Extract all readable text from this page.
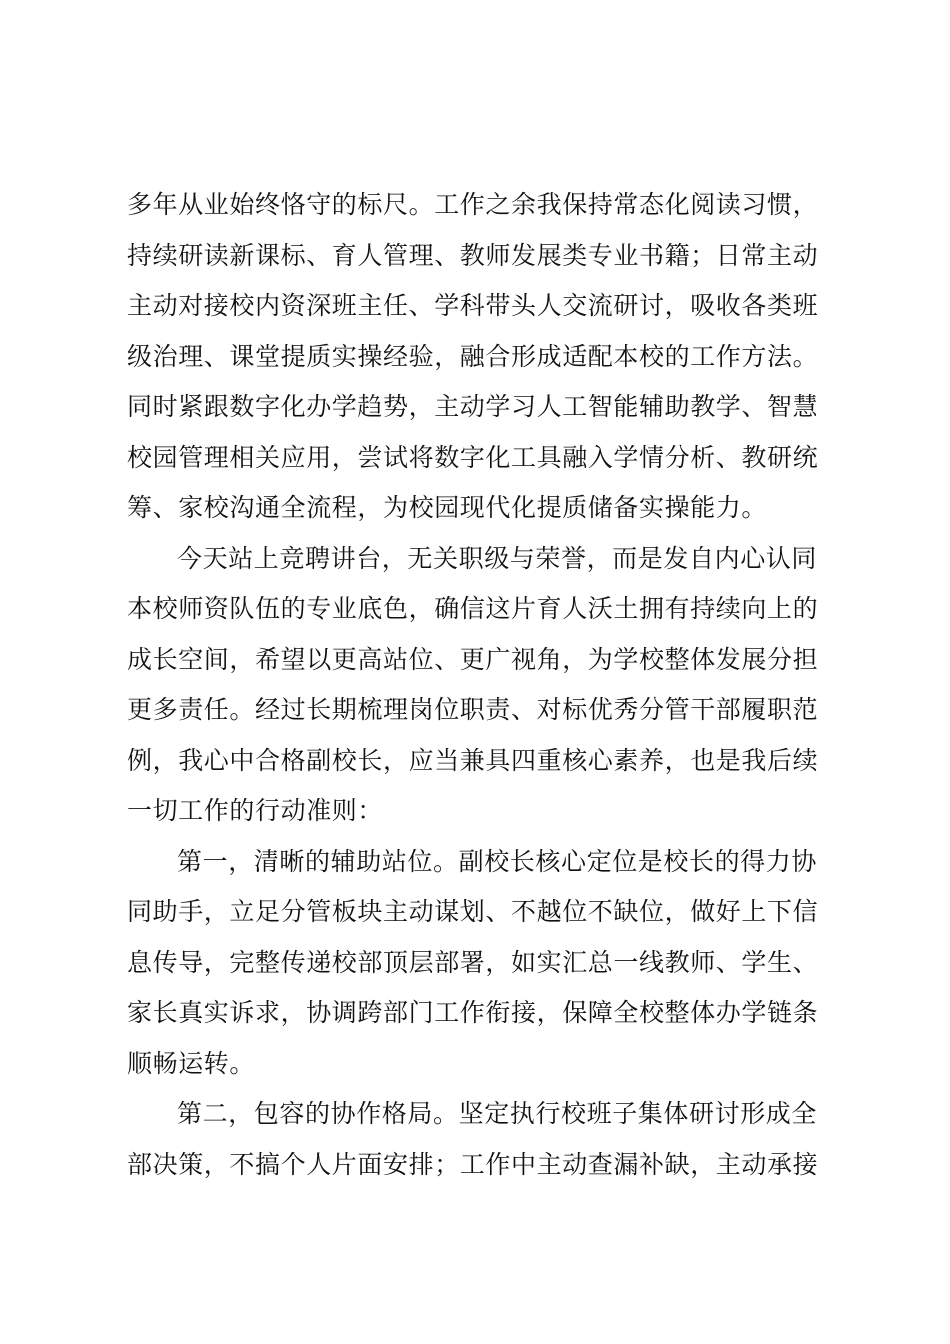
多年从业始终恪守的标尺。工作之余我保持常态化阅读习惯，
持续研读新课标、育人管理、教师发展类专业书籍；日常主动
主动对接校内资深班主任、学科带头人交流研讨，吸收各类班
级治理、课堂提质实操经验，融合形成适配本校的工作方法。
同时紧跟数字化办学趋势，主动学习人工智能辅助教学、智慧
校园管理相关应用，尝试将数字化工具融入学情分析、教研统
筹、家校沟通全流程，为校园现代化提质储备实操能力。
今天站上竞聘讲台，无关职级与荣誉，而是发自内心认同
本校师资队伍的专业底色，确信这片育人沃土拥有持续向上的
成长空间，希望以更高站位、更广视角，为学校整体发展分担
更多责任。经过长期梳理岗位职责、对标优秀分管干部履职范
例，我心中合格副校长，应当兼具四重核心素养，也是我后续
一切工作的行动准则：
第一，清晰的辅助站位。副校长核心定位是校长的得力协
同助手，立足分管板块主动谋划、不越位不缺位，做好上下信
息传导，完整传递校部顶层部署，如实汇总一线教师、学生、
家长真实诉求，协调跨部门工作衔接，保障全校整体办学链条
顺畅运转。
第二，包容的协作格局。坚定执行校班子集体研讨形成全
部决策，不搞个人片面安排；工作中主动查漏补缺，主动承接
